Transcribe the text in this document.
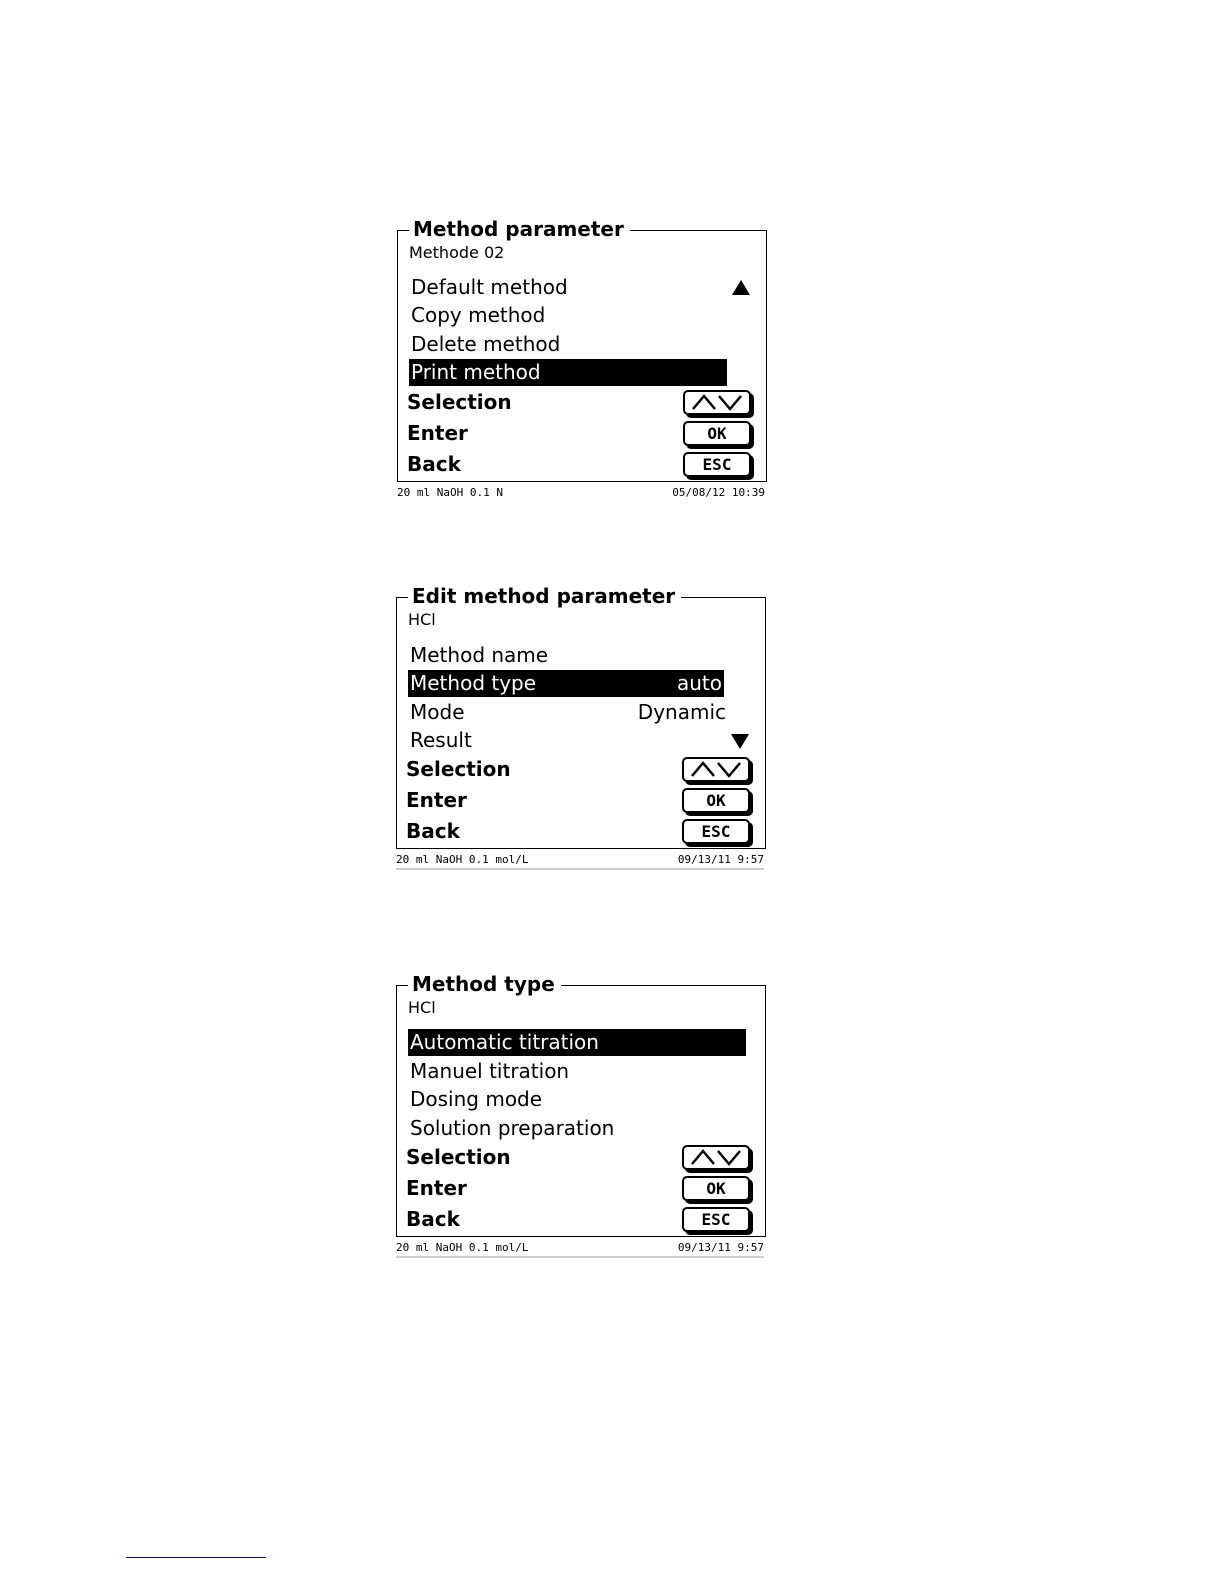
Method parameter
Methode 02
Default method
Copy method
Delete method
Print method
Selection
Enter	OK
Back	ESC
20 ml NaOH 0.1 N	05/08/12 10:39
Edit method parameter
HCl
Method name
Method type	auto
Mode	Dynamic
Result
Selection
Enter	OK
Back	ESC
20 ml NaOH 0.1 mol/L	09/13/11 9:57
Method type
HCl
Automatic titration
Manuel titration
Dosing mode
Solution preparation
Selection
Enter	OK
Back	ESC
20 ml NaOH 0.1 mol/L	09/13/11 9:57
